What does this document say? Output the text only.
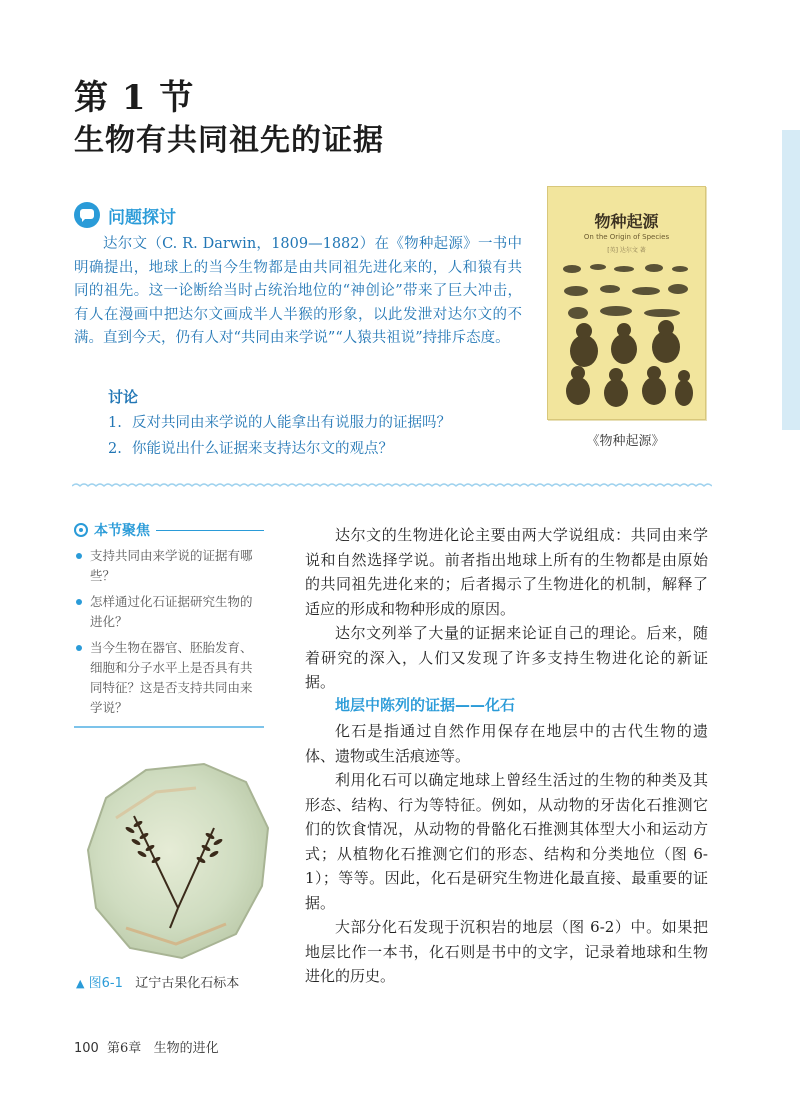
第 1 节
生物有共同祖先的证据
问题探讨
达尔文（C. R. Darwin，1809—1882）在《物种起源》一书中明确提出，地球上的当今生物都是由共同祖先进化来的，人和猿有共同的祖先。这一论断给当时占统治地位的“神创论”带来了巨大冲击，有人在漫画中把达尔文画成半人半猴的形象，以此发泄对达尔文的不满。直到今天，仍有人对“共同由来学说”“人猿共祖说”持排斥态度。
讨论
1. 反对共同由来学说的人能拿出有说服力的证据吗？
2. 你能说出什么证据来支持达尔文的观点？
物种起源
On the Origin of Species
[英] 达尔文 著
《物种起源》
本节聚焦
支持共同由来学说的证据有哪些？
怎样通过化石证据研究生物的进化？
当今生物在器官、胚胎发育、细胞和分子水平上是否具有共同特征？这是否支持共同由来学说？
▲ 图6-1 辽宁古果化石标本

达尔文的生物进化论主要由两大学说组成：共同由来学说和自然选择学说。前者指出地球上所有的生物都是由原始的共同祖先进化来的；后者揭示了生物进化的机制，解释了适应的形成和物种形成的原因。

达尔文列举了大量的证据来论证自己的理论。后来，随着研究的深入，人们又发现了许多支持生物进化论的新证据。

地层中陈列的证据——化石

化石是指通过自然作用保存在地层中的古代生物的遗体、遗物或生活痕迹等。

利用化石可以确定地球上曾经生活过的生物的种类及其形态、结构、行为等特征。例如，从动物的牙齿化石推测它们的饮食情况，从动物的骨骼化石推测其体型大小和运动方式；从植物化石推测它们的形态、结构和分类地位（图 6-1）；等等。因此，化石是研究生物进化最直接、最重要的证据。

大部分化石发现于沉积岩的地层（图 6-2）中。如果把地层比作一本书，化石则是书中的文字，记录着地球和生物进化的历史。

100 第6章 生物的进化
